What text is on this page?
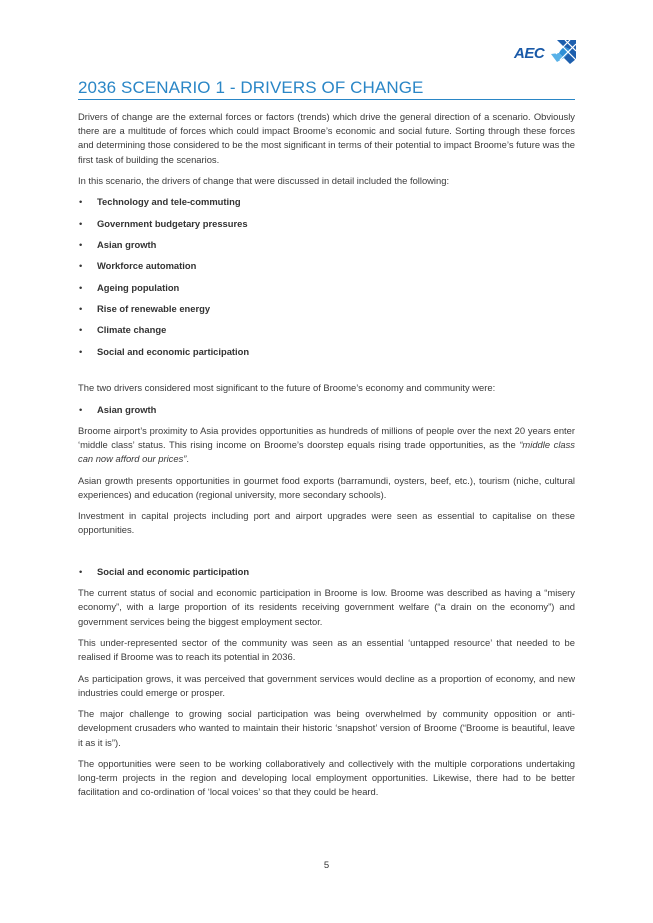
AEC
2036 SCENARIO 1 - DRIVERS OF CHANGE

Drivers of change are the external forces or factors (trends) which drive the general direction of a scenario. Obviously there are a multitude of forces which could impact Broome’s economic and social future. Sorting through these forces and determining those considered to be the most significant in terms of their potential to impact Broome’s future was the first task of building the scenarios.

In this scenario, the drivers of change that were discussed in detail included the following:

• Technology and tele-commuting
• Government budgetary pressures
• Asian growth
• Workforce automation
• Ageing population
• Rise of renewable energy
• Climate change
• Social and economic participation

The two drivers considered most significant to the future of Broome’s economy and community were:

• Asian growth

Broome airport’s proximity to Asia provides opportunities as hundreds of millions of people over the next 20 years enter ‘middle class’ status. This rising income on Broome’s doorstep equals rising trade opportunities, as the “middle class can now afford our prices”.

Asian growth presents opportunities in gourmet food exports (barramundi, oysters, beef, etc.), tourism (niche, cultural experiences) and education (regional university, more secondary schools).

Investment in capital projects including port and airport upgrades were seen as essential to capitalise on these opportunities.

• Social and economic participation

The current status of social and economic participation in Broome is low. Broome was described as having a “misery economy”, with a large proportion of its residents receiving government welfare (“a drain on the economy”) and government services being the biggest employment sector.

This under-represented sector of the community was seen as an essential ‘untapped resource’ that needed to be realised if Broome was to reach its potential in 2036.

As participation grows, it was perceived that government services would decline as a proportion of economy, and new industries could emerge or prosper.

The major challenge to growing social participation was being overwhelmed by community opposition or anti-development crusaders who wanted to maintain their historic ‘snapshot’ version of Broome (“Broome is beautiful, leave it as it is”).

The opportunities were seen to be working collaboratively and collectively with the multiple corporations undertaking long-term projects in the region and developing local employment opportunities. Likewise, there had to be better facilitation and co-ordination of ‘local voices’ so that they could be heard.

5
